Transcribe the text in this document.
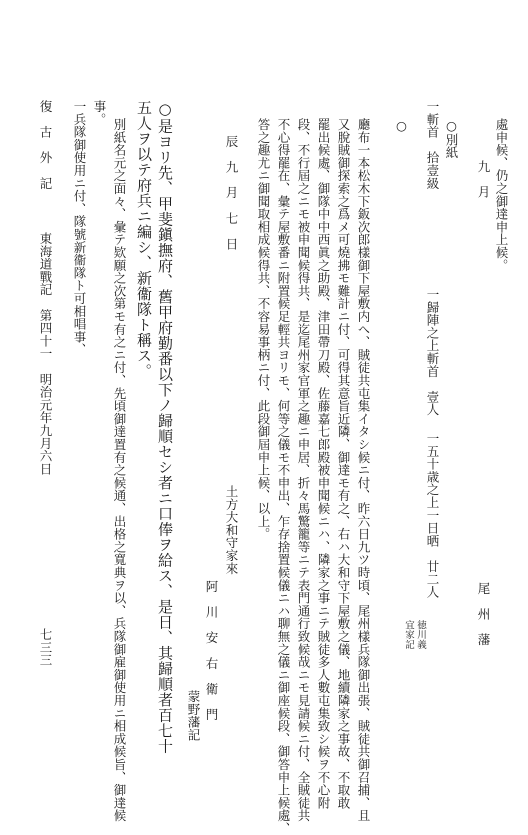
處申候、仍之御達申上候。
九　月
尾　州　藩
○別紙
一斬首　拾壹級
一歸陣之上斬首　壹人
一五十歳之上一日晒　廿二人
徳川義
宜家記
○
廳布一本松木下鈑次郎樣御下屋敷内へ、賊徒共屯集イタシ候ニ付、昨六日九ツ時頃、尾州樣兵隊御出張、賊徒共御召捕、且
又脫賊御探索之爲メ可燒拂モ難計ニ付、可得其意旨近隣、御達モ有之、右ハ大和守下屋敷之儀、地續隣家之事故、不取敢
罷出候處、御隊中中西眞之助殿、津田帶刀殿、佐藤嘉七郎殿被申聞候ニハ、隣家之事ニテ賊徒多人數屯集致シ候ヲ不心附
段、不行屆之ニモ被申聞候得共、是迄尾州家官軍之趣ニ申居、折々馬驚籠等ニテ表門通行致候哉ニモ見請候ニ付、全賊徒共
不心得罷在、彙テ屋敷番ニ附置候足輕共ヨリモ、何等之儀モ不申出、乍存捨置候儀ニハ聊無之儀ニ御座候段、御答申上候處、
答之趣尤ニ御聞取相成候得共、不容易事柄ニ付、此段御屆申上候、以上。
辰　九　月　七　日
土方大和守家來
阿　川　安　右　衛　門
蒙野藩記
○是ヨリ先、甲斐鎭撫府、舊甲府勤番以下ノ歸順セシ者ニ口俸ヲ給ス、是日、其歸順者百七十
五人ヲ以テ府兵ニ編シ、新衞隊ト稱ス。
別紙名元之面々、彙テ欵願之次第モ有之ニ付、先頃御達置有之候通、出格之寬典ヲ以、兵隊御雇御使用ニ相成候旨、御達候
事。
一兵隊御使用ニ付、隊號新衞隊ト可相唱事、
復　古　外　記
東海道戰記　第四十一　明治元年九月六日
七三三
